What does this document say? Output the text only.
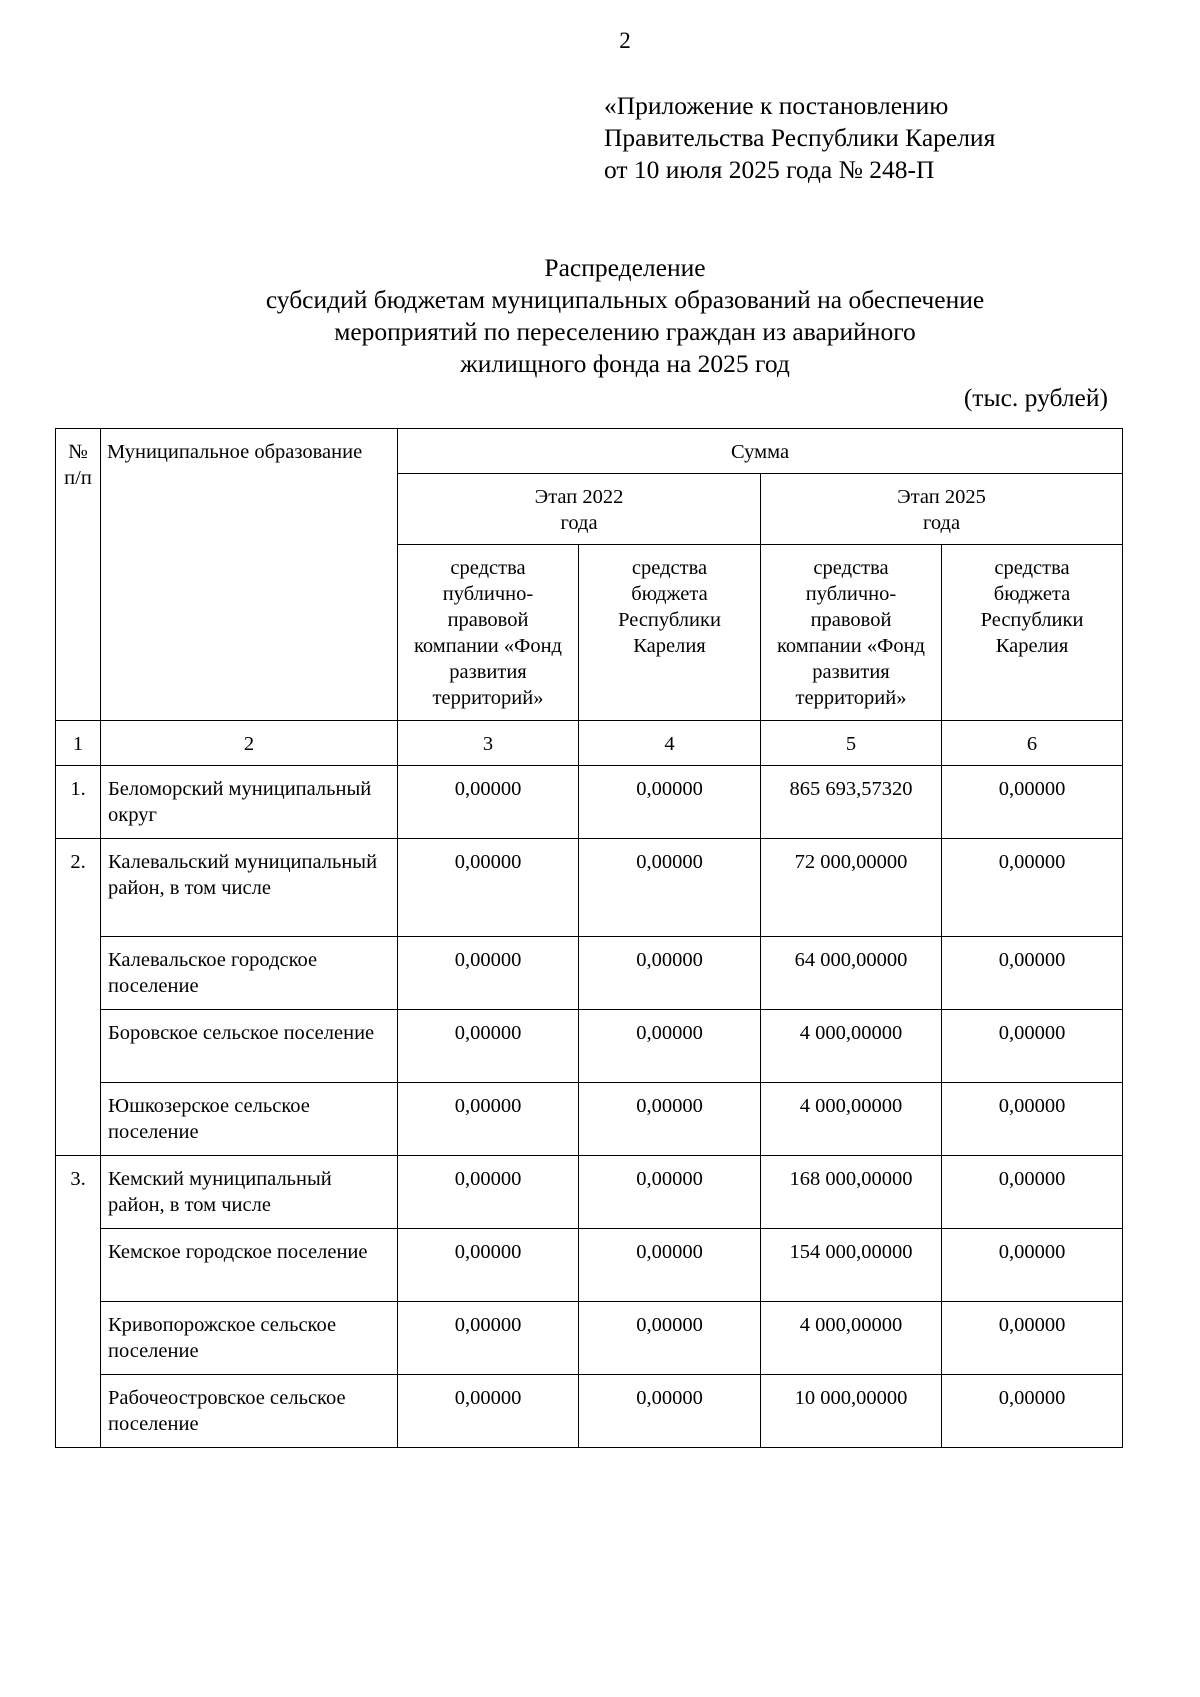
2
«Приложение к постановлению
Правительства Республики Карелия
от 10 июля 2025 года № 248-П
Распределение
субсидий бюджетам муниципальных образований на обеспечение
мероприятий по переселению граждан из аварийного
жилищного фонда на 2025 год
(тыс. рублей)
№ п/п	Муниципальное образование	Сумма			

		Этап 2022 года		Этап 2025 года	

		средства публично-правовой компании «Фонд развития территорий»	средства бюджета Республики Карелия	средства публично-правовой компании «Фонд развития территорий»	средства бюджета Республики Карелия

1	2	3	4	5	6
1.	Беломорский муниципальный округ	0,00000	0,00000	865 693,57320	0,00000
2.	Калевальский муниципальный район, в том числе	0,00000	0,00000	72 000,00000	0,00000
	Калевальское городское поселение	0,00000	0,00000	64 000,00000	0,00000
	Боровское сельское поселение	0,00000	0,00000	4 000,00000	0,00000
	Юшкозерское сельское поселение	0,00000	0,00000	4 000,00000	0,00000
3.	Кемский муниципальный район, в том числе	0,00000	0,00000	168 000,00000	0,00000
	Кемское городское поселение	0,00000	0,00000	154 000,00000	0,00000
	Кривопорожское сельское поселение	0,00000	0,00000	4 000,00000	0,00000
	Рабочеостровское сельское поселение	0,00000	0,00000	10 000,00000	0,00000
